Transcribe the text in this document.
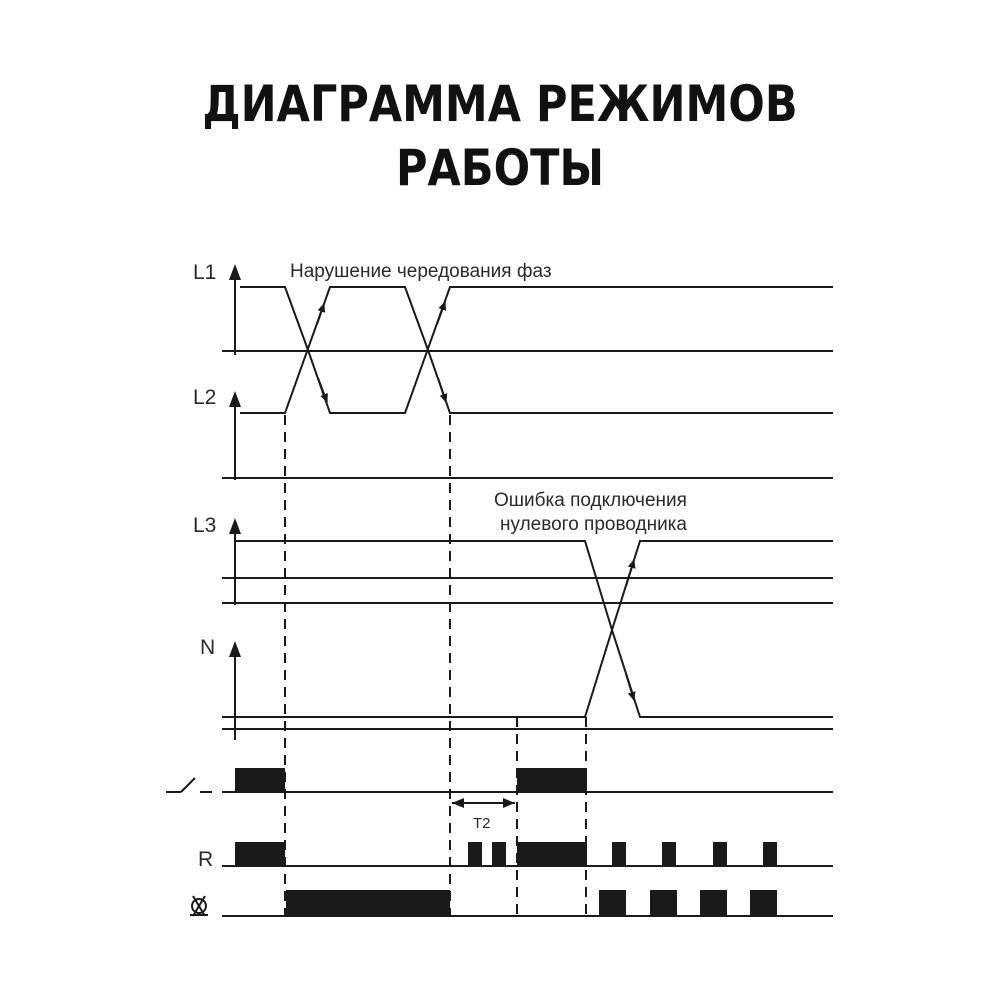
ДИАГРАММА РЕЖИМОВ
РАБОТЫ
L1
L2
L3
N
R
Нарушение чередования фаз
Ошибка подключения
нулевого проводника
T2
